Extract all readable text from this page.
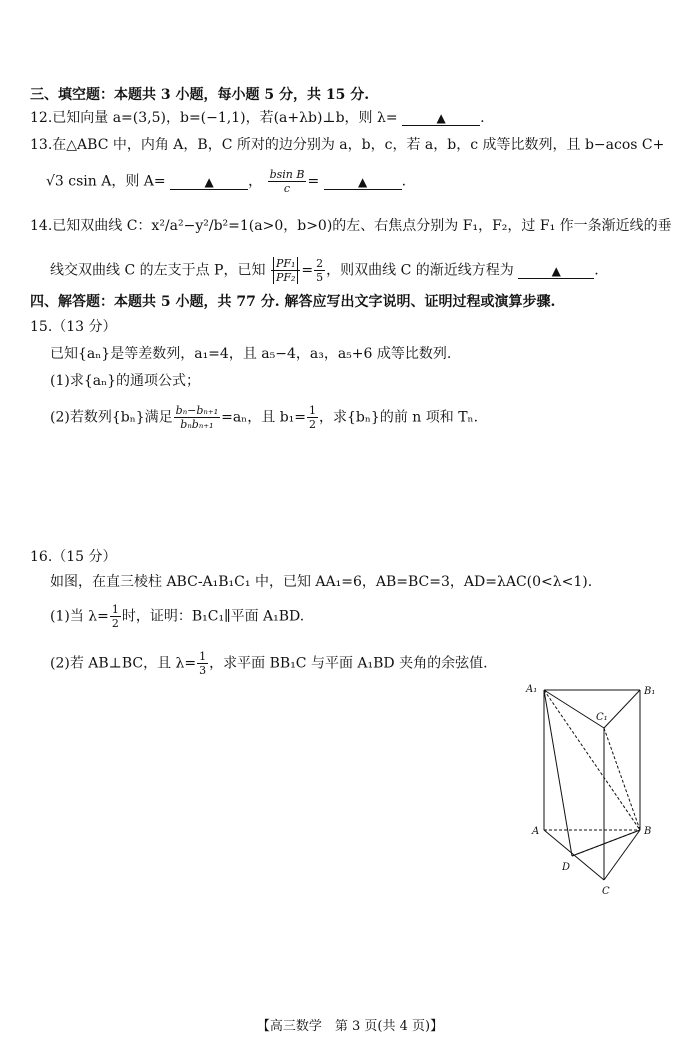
三、填空题：本题共 3 小题，每小题 5 分，共 15 分.
12.已知向量 a=(3,5)，b=(−1,1)，若(a+λb)⊥b，则 λ=	▲ .
13.在△ABC 中，内角 A，B，C 所对的边分别为 a，b，c，若 a，b，c 成等比数列，且 b−acos C+
√3 csin A，则 A=	▲ ， $\frac{\text{bsin B}}{c}$ =	▲ .
14.已知双曲线 C：x²/a²−y²/b²=1(a>0，b>0)的左、右焦点分别为 F₁，F₂，过 F₁ 作一条渐近线的垂
线交双曲线 C 的左支于点 P，已知 $\frac{\text{PF₁}}{\text{PF₂}} = \frac{2}{5}$ ，则双曲线 C 的渐近线方程为	▲ .
四、解答题：本题共 5 小题，共 77 分. 解答应写出文字说明、证明过程或演算步骤.
15.（13 分）
已知{aₙ}是等差数列，a₁=4，且 a₅−4，a₃，a₅+6 成等比数列.
(1)求{aₙ}的通项公式；
(2)若数列{bₙ}满足 $\frac{\text{bₙ−bₙ₊₁}}{\text{bₙbₙ₊₁}} =a_n$，且 $b_1= \frac{1}{2}$ ，求{bₙ}的前 n 项和 Tₙ.
16.（15 分）
如图，在直三棱柱 ABC-A₁B₁C₁ 中，已知 AA₁=6，AB=BC=3，AD=λAC(0<λ<1).
(1)当 $\lambda= \frac{1}{2}$ 时，证明：B₁C₁∥平面 A₁BD.
(2)若 AB⊥BC，且 $\lambda= \frac{1}{3}$ ，求平面 BB₁C 与平面 A₁BD 夹角的余弦值.
A₁	B₁
C₁
A	B
D
C
【高三数学　第 3 页(共 4 页)】
